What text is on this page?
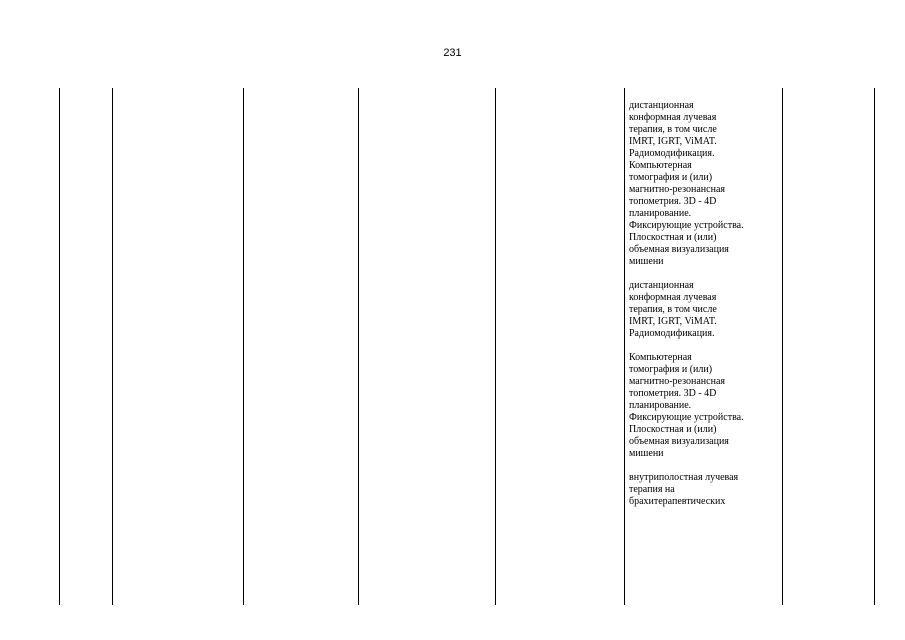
231

дистанционная
конформная лучевая
терапия, в том числе
IMRT, IGRT, ViMAT.
Радиомодификация.
Компьютерная
томография и (или)
магнитно-резонансная
топометрия. 3D - 4D
планирование.
Фиксирующие устройства.
Плоскостная и (или)
объемная визуализация
мишени

дистанционная
конформная лучевая
терапия, в том числе
IMRT, IGRT, ViMAT.
Радиомодификация.

Компьютерная
томография и (или)
магнитно-резонансная
топометрия. 3D - 4D
планирование.
Фиксирующие устройства.
Плоскостная и (или)
объемная визуализация
мишени

внутриполостная лучевая
терапия на
брахитерапевтических
